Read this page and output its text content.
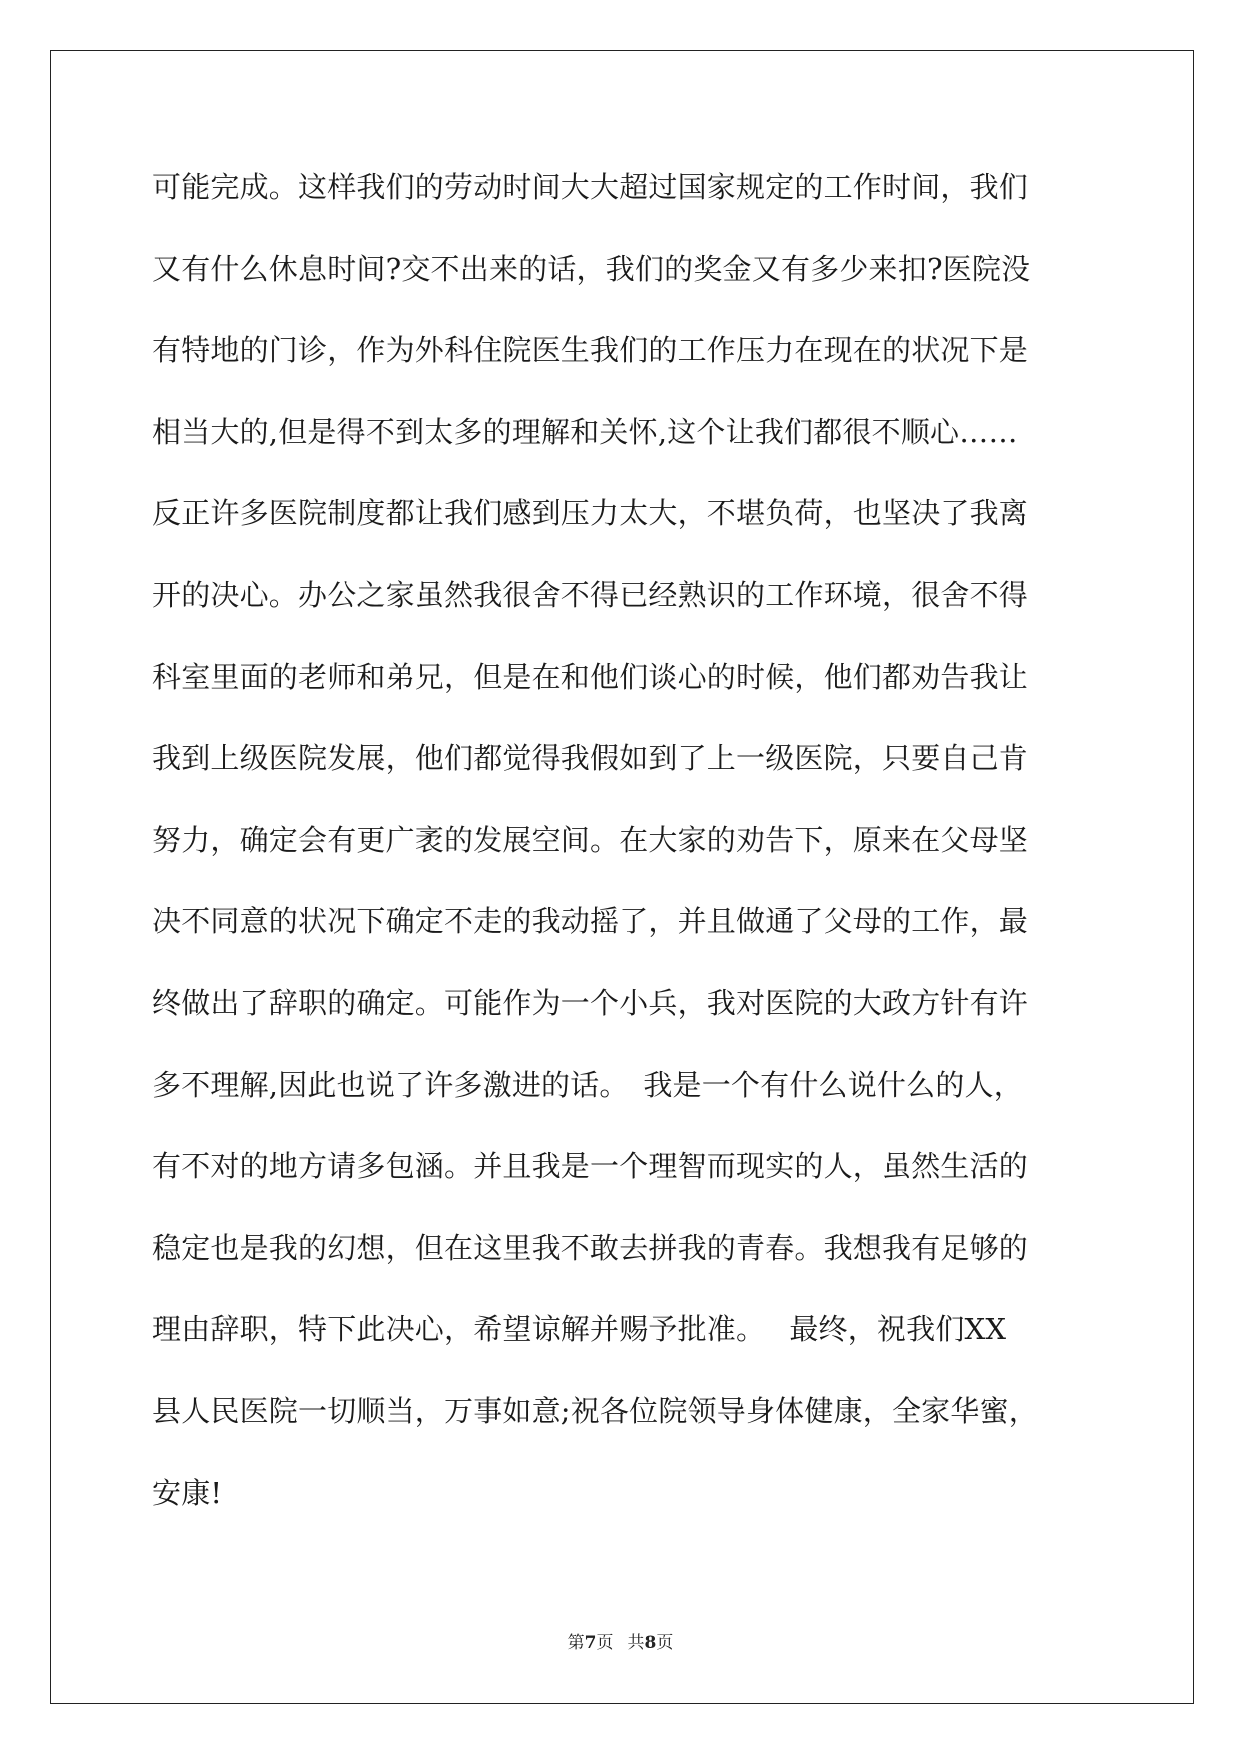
可能完成。这样我们的劳动时间大大超过国家规定的工作时间，我们
又有什么休息时间?交不出来的话，我们的奖金又有多少来扣?医院没
有特地的门诊，作为外科住院医生我们的工作压力在现在的状况下是
相当大的,但是得不到太多的理解和关怀,这个让我们都很不顺心……
反正许多医院制度都让我们感到压力太大，不堪负荷，也坚决了我离
开的决心。办公之家虽然我很舍不得已经熟识的工作环境，很舍不得
科室里面的老师和弟兄，但是在和他们谈心的时候，他们都劝告我让
我到上级医院发展，他们都觉得我假如到了上一级医院，只要自己肯
努力，确定会有更广袤的发展空间。在大家的劝告下，原来在父母坚
决不同意的状况下确定不走的我动摇了，并且做通了父母的工作，最
终做出了辞职的确定。可能作为一个小兵，我对医院的大政方针有许
多不理解,因此也说了许多激进的话。　我是一个有什么说什么的人，
有不对的地方请多包涵。并且我是一个理智而现实的人，虽然生活的
稳定也是我的幻想，但在这里我不敢去拼我的青春。我想我有足够的
理由辞职，特下此决心，希望谅解并赐予批准。　 最终，祝我们XX
县人民医院一切顺当，万事如意;祝各位院领导身体健康，全家华蜜，
安康!
第7页 共8页
